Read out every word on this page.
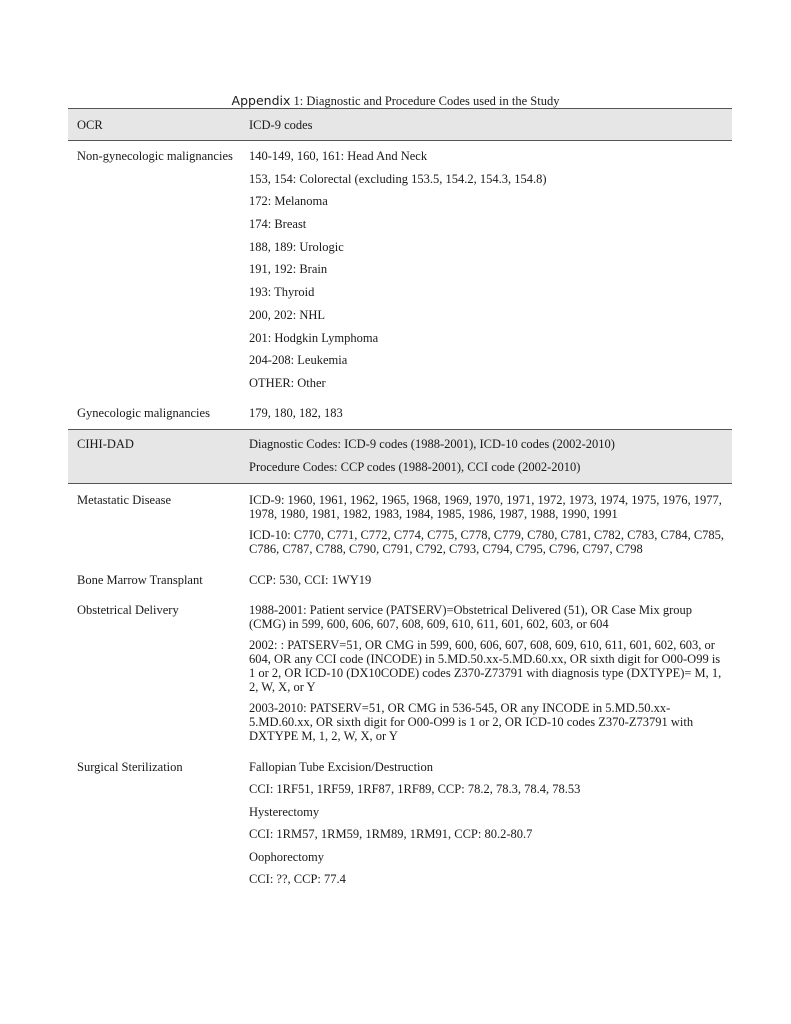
Appendix 1: Diagnostic and Procedure Codes used in the Study
OCR	ICD-9 codes
Non-gynecologic malignancies	140-149, 160, 161: Head And Neck
153, 154: Colorectal (excluding 153.5, 154.2, 154.3, 154.8)
172: Melanoma
174: Breast
188, 189: Urologic
191, 192: Brain
193: Thyroid
200, 202: NHL
201: Hodgkin Lymphoma
204-208: Leukemia
OTHER: Other
Gynecologic malignancies	179, 180, 182, 183
CIHI-DAD	Diagnostic Codes: ICD-9 codes (1988-2001), ICD-10 codes (2002-2010)
Procedure Codes: CCP codes (1988-2001), CCI code (2002-2010)
Metastatic Disease	ICD-9: 1960, 1961, 1962, 1965, 1968, 1969, 1970, 1971, 1972, 1973, 1974, 1975, 1976, 1977, 1978, 1980, 1981, 1982, 1983, 1984, 1985, 1986, 1987, 1988, 1990, 1991
ICD-10: C770, C771, C772, C774, C775, C778, C779, C780, C781, C782, C783, C784, C785, C786, C787, C788, C790, C791, C792, C793, C794, C795, C796, C797, C798
Bone Marrow Transplant	CCP: 530, CCI: 1WY19
Obstetrical Delivery	1988-2001: Patient service (PATSERV)=Obstetrical Delivered (51), OR Case Mix group (CMG) in 599, 600, 606, 607, 608, 609, 610, 611, 601, 602, 603, or 604
2002: : PATSERV=51, OR CMG in 599, 600, 606, 607, 608, 609, 610, 611, 601, 602, 603, or 604, OR any CCI code (INCODE) in 5.MD.50.xx-5.MD.60.xx, OR sixth digit for O00-O99 is 1 or 2, OR ICD-10 (DX10CODE) codes Z370-Z73791 with diagnosis type (DXTYPE)= M, 1, 2, W, X, or Y
2003-2010: PATSERV=51, OR CMG in 536-545, OR any INCODE in 5.MD.50.xx-5.MD.60.xx, OR sixth digit for O00-O99 is 1 or 2, OR ICD-10 codes Z370-Z73791 with DXTYPE M, 1, 2, W, X, or Y
Surgical Sterilization	Fallopian Tube Excision/Destruction
CCI: 1RF51, 1RF59, 1RF87, 1RF89, CCP: 78.2, 78.3, 78.4, 78.53
Hysterectomy
CCI: 1RM57, 1RM59, 1RM89, 1RM91, CCP: 80.2-80.7
Oophorectomy
CCI: ??, CCP: 77.4
